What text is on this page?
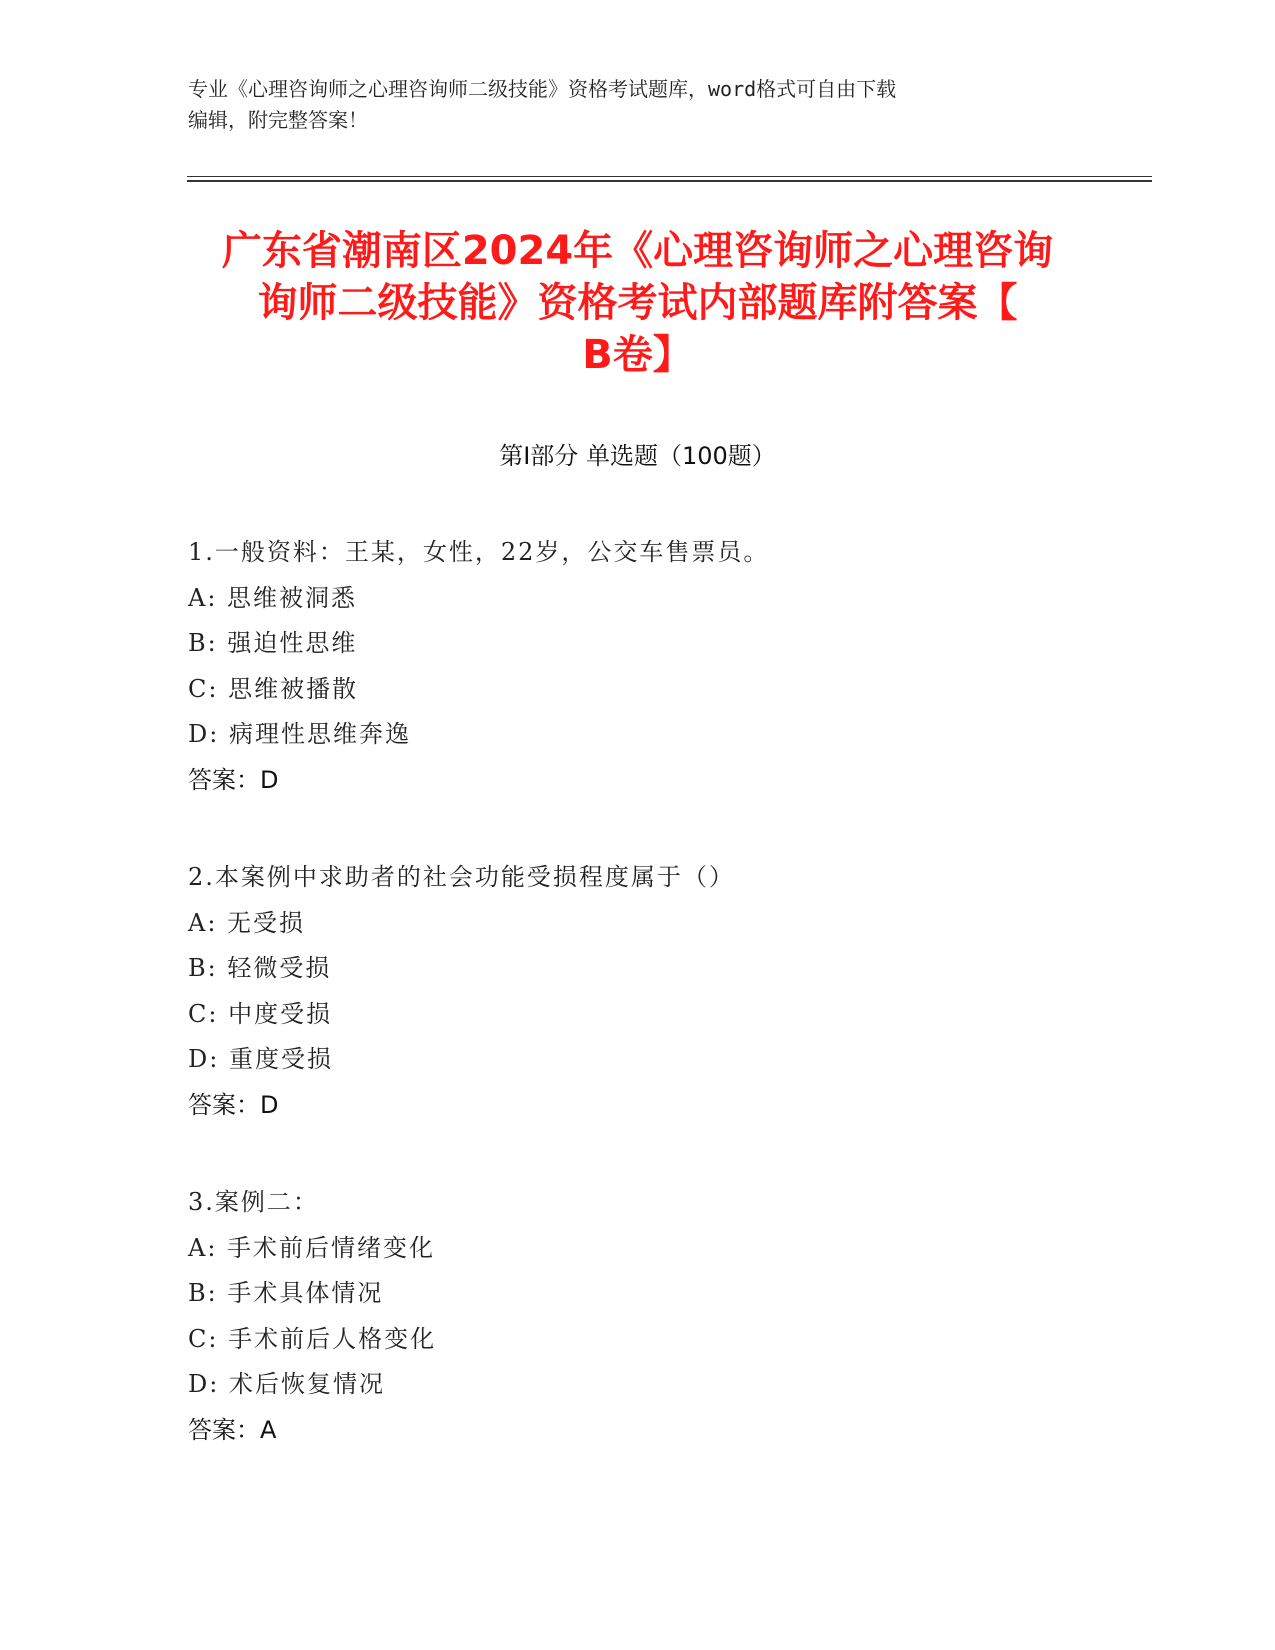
专业《心理咨询师之心理咨询师二级技能》资格考试题库，word格式可自由下载
编辑，附完整答案！
广东省潮南区2024年《心理咨询师之心理咨询
询师二级技能》资格考试内部题库附答案【
B卷】
第Ⅰ部分 单选题（100题）
1.一般资料：王某，女性，22岁，公交车售票员。
A: 思维被洞悉
B: 强迫性思维
C: 思维被播散
D: 病理性思维奔逸
答案：D
2.本案例中求助者的社会功能受损程度属于（）
A: 无受损
B: 轻微受损
C: 中度受损
D: 重度受损
答案：D
3.案例二：
A: 手术前后情绪变化
B: 手术具体情况
C: 手术前后人格变化
D: 术后恢复情况
答案：A
